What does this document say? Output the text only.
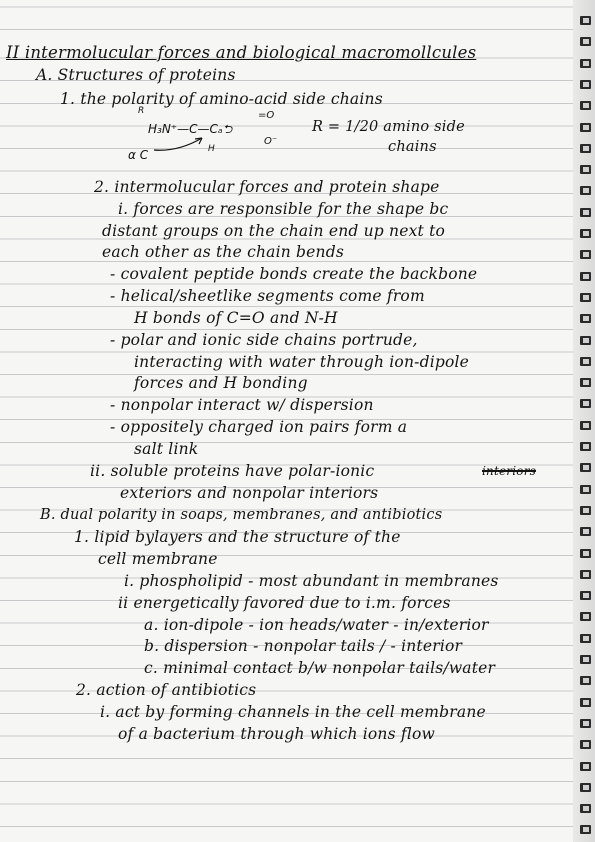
II intermolucular forces and biological macromollcules

A. Structures of proteins

1. the polarity of amino-acid side chains

R

H₃N⁺—C—Cₐ⮌

=O

O⁻

H

α C

R = 1/20 amino side

chains

2. intermolucular forces and protein shape

i. forces are responsible for the shape bc

distant groups on the chain end up next to

each other as the chain bends

- covalent peptide bonds create the backbone

- helical/sheetlike segments come from

H bonds of C=O and N-H

- polar and ionic side chains portrude,

interacting with water through ion-dipole

forces and H bonding

- nonpolar interact w/ dispersion

- oppositely charged ion pairs form a

salt link

ii. soluble proteins have polar-ionic	interiors

exteriors and nonpolar interiors

B. dual polarity in soaps, membranes, and antibiotics

1. lipid bylayers and the structure of the

cell membrane

i. phospholipid - most abundant in membranes

ii energetically favored due to i.m. forces

a. ion-dipole - ion heads/water - in/exterior

b. dispersion - nonpolar tails / - interior

c. minimal contact b/w nonpolar tails/water

2. action of antibiotics

i. act by forming channels in the cell membrane

of a bacterium through which ions flow
